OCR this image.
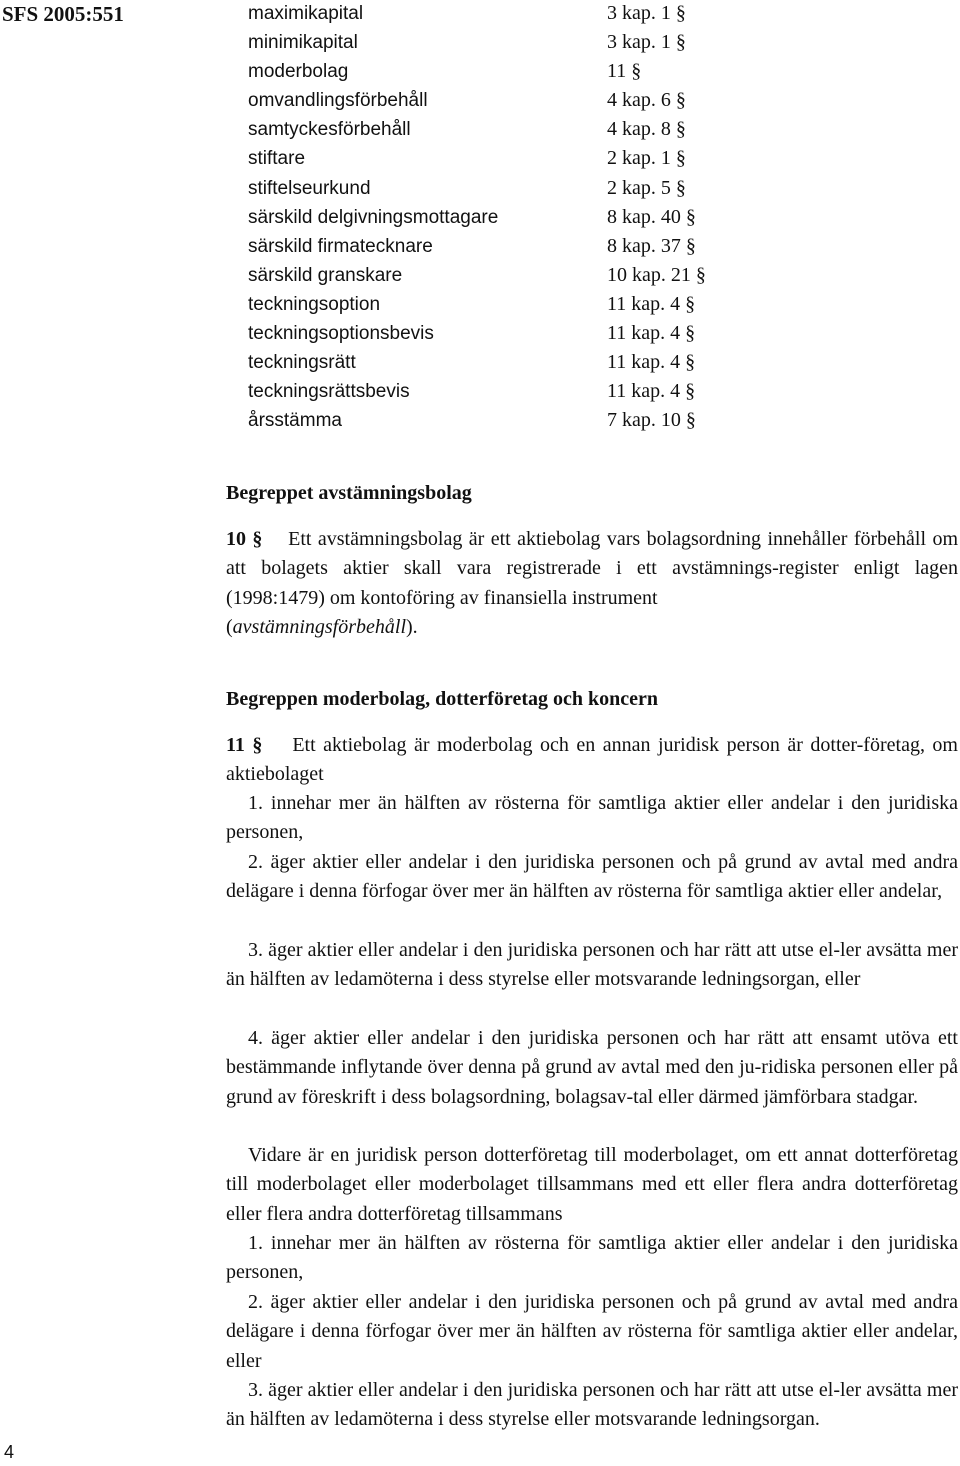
SFS 2005:551
4
maximikapital	3 kap. 1 §
minimikapital	3 kap. 1 §
moderbolag	11 §
omvandlingsförbehåll	4 kap. 6 §
samtyckesförbehåll	4 kap. 8 §
stiftare	2 kap. 1 §
stiftelseurkund	2 kap. 5 §
särskild delgivningsmottagare	8 kap. 40 §
särskild firmatecknare	8 kap. 37 §
särskild granskare	10 kap. 21 §
teckningsoption	11 kap. 4 §
teckningsoptionsbevis	11 kap. 4 §
teckningsrätt	11 kap. 4 §
teckningsrättsbevis	11 kap. 4 §
årsstämma	7 kap. 10 §
Begreppet avstämningsbolag

10 § Ett avstämningsbolag är ett aktiebolag vars bolagsordning innehåller förbehåll om att bolagets aktier skall vara registrerade i ett avstämnings-register enligt lagen (1998:1479) om kontoföring av finansiella instrument
(avstämningsförbehåll).

Begreppen moderbolag, dotterföretag och koncern

11 § Ett aktiebolag är moderbolag och en annan juridisk person är dotter-företag, om aktiebolaget

1. innehar mer än hälften av rösterna för samtliga aktier eller andelar i den juridiska personen,

2. äger aktier eller andelar i den juridiska personen och på grund av avtal med andra delägare i denna förfogar över mer än hälften av rösterna för samtliga aktier eller andelar,

3. äger aktier eller andelar i den juridiska personen och har rätt att utse el-ler avsätta mer än hälften av ledamöterna i dess styrelse eller motsvarande ledningsorgan, eller

4. äger aktier eller andelar i den juridiska personen och har rätt att ensamt utöva ett bestämmande inflytande över denna på grund av avtal med den ju-ridiska personen eller på grund av föreskrift i dess bolagsordning, bolagsav-tal eller därmed jämförbara stadgar.

Vidare är en juridisk person dotterföretag till moderbolaget, om ett annat dotterföretag till moderbolaget eller moderbolaget tillsammans med ett eller flera andra dotterföretag eller flera andra dotterföretag tillsammans

1. innehar mer än hälften av rösterna för samtliga aktier eller andelar i den juridiska personen,

2. äger aktier eller andelar i den juridiska personen och på grund av avtal med andra delägare i denna förfogar över mer än hälften av rösterna för samtliga aktier eller andelar, eller

3. äger aktier eller andelar i den juridiska personen och har rätt att utse el-ler avsätta mer än hälften av ledamöterna i dess styrelse eller motsvarande ledningsorgan.
